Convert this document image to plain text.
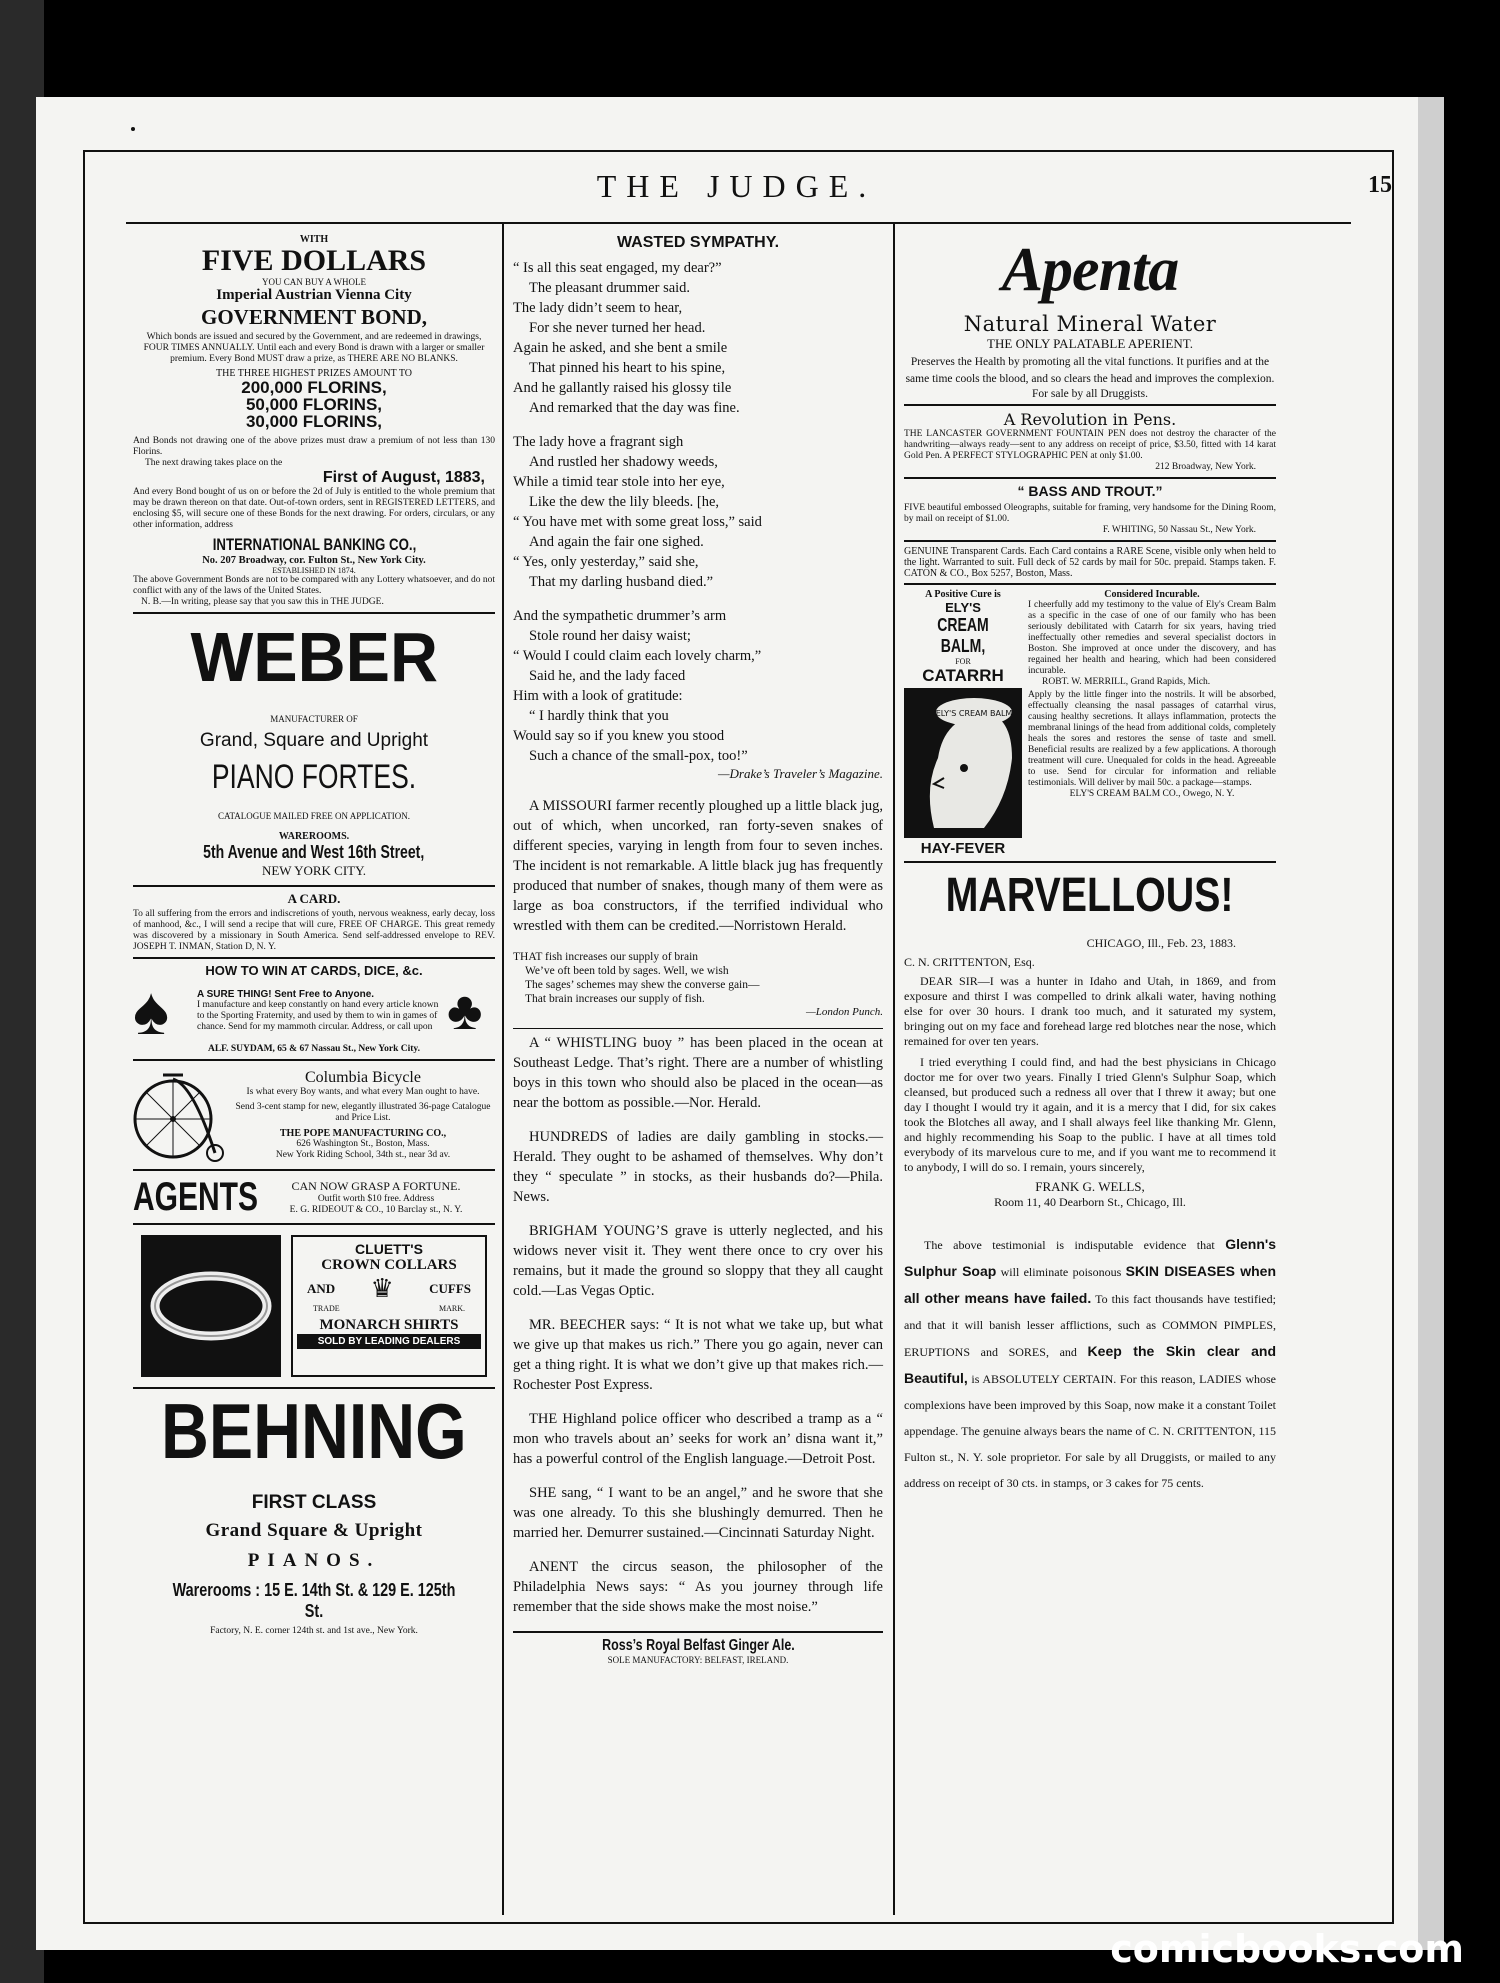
THE JUDGE.	15
WITH
FIVE DOLLARS
YOU CAN BUY A WHOLE
Imperial Austrian Vienna City
GOVERNMENT BOND,
Which bonds are issued and secured by the Government, and are redeemed in drawings, FOUR TIMES ANNUALLY. Until each and every Bond is drawn with a larger or smaller premium. Every Bond MUST draw a prize, as THERE ARE NO BLANKS.
THE THREE HIGHEST PRIZES AMOUNT TO
200,000 FLORINS,
50,000 FLORINS,
30,000 FLORINS,
And Bonds not drawing one of the above prizes must draw a premium of not less than 130 Florins.
The next drawing takes place on the
First of August, 1883,
And every Bond bought of us on or before the 2d of July is entitled to the whole premium that may be drawn thereon on that date. Out-of-town orders, sent in REGISTERED LETTERS, and enclosing $5, will secure one of these Bonds for the next drawing. For orders, circulars, or any other information, address
INTERNATIONAL BANKING CO.,
No. 207 Broadway, cor. Fulton St., New York City.
ESTABLISHED IN 1874.
The above Government Bonds are not to be compared with any Lottery whatsoever, and do not conflict with any of the laws of the United States.
N. B.—In writing, please say that you saw this in THE JUDGE.
WEBER
MANUFACTURER OF
Grand, Square and Upright
PIANO FORTES.
CATALOGUE MAILED FREE ON APPLICATION.
WAREROOMS.
5th Avenue and West 16th Street,
NEW YORK CITY.
A CARD.
To all suffering from the errors and indiscretions of youth, nervous weakness, early decay, loss of manhood, &c., I will send a recipe that will cure, FREE OF CHARGE. This great remedy was discovered by a missionary in South America. Send self-addressed envelope to REV. JOSEPH T. INMAN, Station D, N. Y.
HOW TO WIN AT CARDS, DICE, &c.
♠	A SURE THING! Sent Free to Anyone.
I manufacture and keep constantly on hand every article known to the Sporting Fraternity, and used by them to win in games of chance. Send for my mammoth circular. Address, or call upon ♣
ALF. SUYDAM, 65 & 67 Nassau St., New York City.
Columbia Bicycle
Is what every Boy wants, and what every Man ought to have.
Send 3-cent stamp for new, elegantly illustrated 36-page Catalogue and Price List.
THE POPE MANUFACTURING CO.,
626 Washington St., Boston, Mass.
New York Riding School, 34th st., near 3d av.
AGENTS	CAN NOW GRASP A FORTUNE.
Outfit worth $10 free. Address
E. G. RIDEOUT & CO., 10 Barclay st., N. Y.
CLUETT'S
CROWN COLLARS
AND ♛	CUFFS
TRADE	MARK.
MONARCH SHIRTS
SOLD BY LEADING DEALERS
BEHNING
FIRST CLASS
Grand Square & Upright
PIANOS.
Warerooms : 15 E. 14th St. & 129 E. 125th St.
Factory, N. E. corner 124th st. and 1st ave., New York.
WASTED SYMPATHY.

“ Is all this seat engaged, my dear?”

The pleasant drummer said.

The lady didn’t seem to hear,

For she never turned her head.

Again he asked, and she bent a smile

That pinned his heart to his spine,

And he gallantly raised his glossy tile

And remarked that the day was fine.

The lady hove a fragrant sigh

And rustled her shadowy weeds,

While a timid tear stole into her eye,

Like the dew the lily bleeds. [he,

“ You have met with some great loss,” said

And again the fair one sighed.

“ Yes, only yesterday,” said she,

That my darling husband died.”

And the sympathetic drummer’s arm

Stole round her daisy waist;

“ Would I could claim each lovely charm,”

Said he, and the lady faced

Him with a look of gratitude:

“ I hardly think that you

Would say so if you knew you stood

Such a chance of the small-pox, too!”

—Drake’s Traveler’s Magazine.

A MISSOURI farmer recently ploughed up a little black jug, out of which, when uncorked, ran forty-seven snakes of different species, varying in length from four to seven inches. The incident is not remarkable. A little black jug has frequently produced that number of snakes, though many of them were as large as boa constructors, if the terrified individual who wrestled with them can be credited.—Norristown Herald.

THAT fish increases our supply of brain
We’ve oft been told by sages. Well, we wish
The sages’ schemes may shew the converse gain—
That brain increases our supply of fish.
—London Punch.

A “ WHISTLING buoy ” has been placed in the ocean at Southeast Ledge. That’s right. There are a number of whistling boys in this town who should also be placed in the ocean—as near the bottom as possible.—Nor. Herald.

HUNDREDS of ladies are daily gambling in stocks.—Herald. They ought to be ashamed of themselves. Why don’t they “ speculate ” in stocks, as their husbands do?—Phila. News.

BRIGHAM YOUNG’S grave is utterly neglected, and his widows never visit it. They went there once to cry over his remains, but it made the ground so sloppy that they all caught cold.—Las Vegas Optic.

MR. BEECHER says: “ It is not what we take up, but what we give up that makes us rich.” There you go again, never can get a thing right. It is what we don’t give up that makes rich.—Rochester Post Express.

THE Highland police officer who described a tramp as a “ mon who travels about an’ seeks for work an’ disna want it,” has a powerful control of the English language.—Detroit Post.

SHE sang, “ I want to be an angel,” and he swore that she was one already. To this she blushingly demurred. Then he married her. Demurrer sustained.—Cincinnati Saturday Night.

ANENT the circus season, the philosopher of the Philadelphia News says: “ As you journey through life remember that the side shows make the most noise.”

Ross’s Royal Belfast Ginger Ale.
SOLE MANUFACTORY: BELFAST, IRELAND.
Apenta
Natural Mineral Water
THE ONLY PALATABLE APERIENT.
Preserves the Health by promoting all the vital functions. It purifies and at the same time cools the blood, and so clears the head and improves the complexion.
For sale by all Druggists.
A Revolution in Pens.
THE LANCASTER GOVERNMENT FOUNTAIN PEN does not destroy the character of the handwriting—always ready—sent to any address on receipt of price, $3.50, fitted with 14 karat Gold Pen. A PERFECT STYLOGRAPHIC PEN at only $1.00.
212 Broadway, New York.
“ BASS AND TROUT.”
FIVE beautiful embossed Oleographs, suitable for framing, very handsome for the Dining Room, by mail on receipt of $1.00.
F. WHITING, 50 Nassau St., New York.
GENUINE Transparent Cards. Each Card contains a RARE Scene, visible only when held to the light. Warranted to suit. Full deck of 52 cards by mail for 50c. prepaid. Stamps taken. F. CATON & CO., Box 5257, Boston, Mass.
A Positive Cure is
ELY'S
CREAM BALM,
FOR
CATARRH
ELY'S CREAM BALM
HAY-FEVER
Considered Incurable.
I cheerfully add my testimony to the value of Ely's Cream Balm as a specific in the case of one of our family who has been seriously debilitated with Catarrh for six years, having tried ineffectually other remedies and several specialist doctors in Boston. She improved at once under the discovery, and has regained her health and hearing, which had been considered incurable.
ROBT. W. MERRILL, Grand Rapids, Mich.
Apply by the little finger into the nostrils. It will be absorbed, effectually cleansing the nasal passages of catarrhal virus, causing healthy secretions. It allays inflammation, protects the membranal linings of the head from additional colds, completely heals the sores and restores the sense of taste and smell. Beneficial results are realized by a few applications. A thorough treatment will cure. Unequaled for colds in the head. Agreeable to use. Send for circular for information and reliable testimonials. Will deliver by mail 50c. a package—stamps.
ELY'S CREAM BALM CO., Owego, N. Y.
MARVELLOUS!
CHICAGO, Ill., Feb. 23, 1883.
C. N. CRITTENTON, Esq.

DEAR SIR—I was a hunter in Idaho and Utah, in 1869, and from exposure and thirst I was compelled to drink alkali water, having nothing else for over 30 hours. I drank too much, and it saturated my system, bringing out on my face and forehead large red blotches near the nose, which remained for over ten years.

I tried everything I could find, and had the best physicians in Chicago doctor me for over two years. Finally I tried Glenn's Sulphur Soap, which cleansed, but produced such a redness all over that I threw it away; but one day I thought I would try it again, and it is a mercy that I did, for six cakes took the Blotches all away, and I shall always feel like thanking Mr. Glenn, and highly recommending his Soap to the public. I have at all times told everybody of its marvelous cure to me, and if you want me to recommend it to anybody, I will do so. I remain, yours sincerely,

FRANK G. WELLS,
Room 11, 40 Dearborn St., Chicago, Ill.

The above testimonial is indisputable evidence that Glenn's Sulphur Soap will eliminate poisonous SKIN DISEASES when all other means have failed. To this fact thousands have testified; and that it will banish lesser afflictions, such as COMMON PIMPLES, ERUPTIONS and SORES, and Keep the Skin clear and Beautiful, is ABSOLUTELY CERTAIN. For this reason, LADIES whose complexions have been improved by this Soap, now make it a constant Toilet appendage. The genuine always bears the name of C. N. CRITTENTON, 115 Fulton st., N. Y. sole proprietor. For sale by all Druggists, or mailed to any address on receipt of 30 cts. in stamps, or 3 cakes for 75 cents.

comicbooks.com
